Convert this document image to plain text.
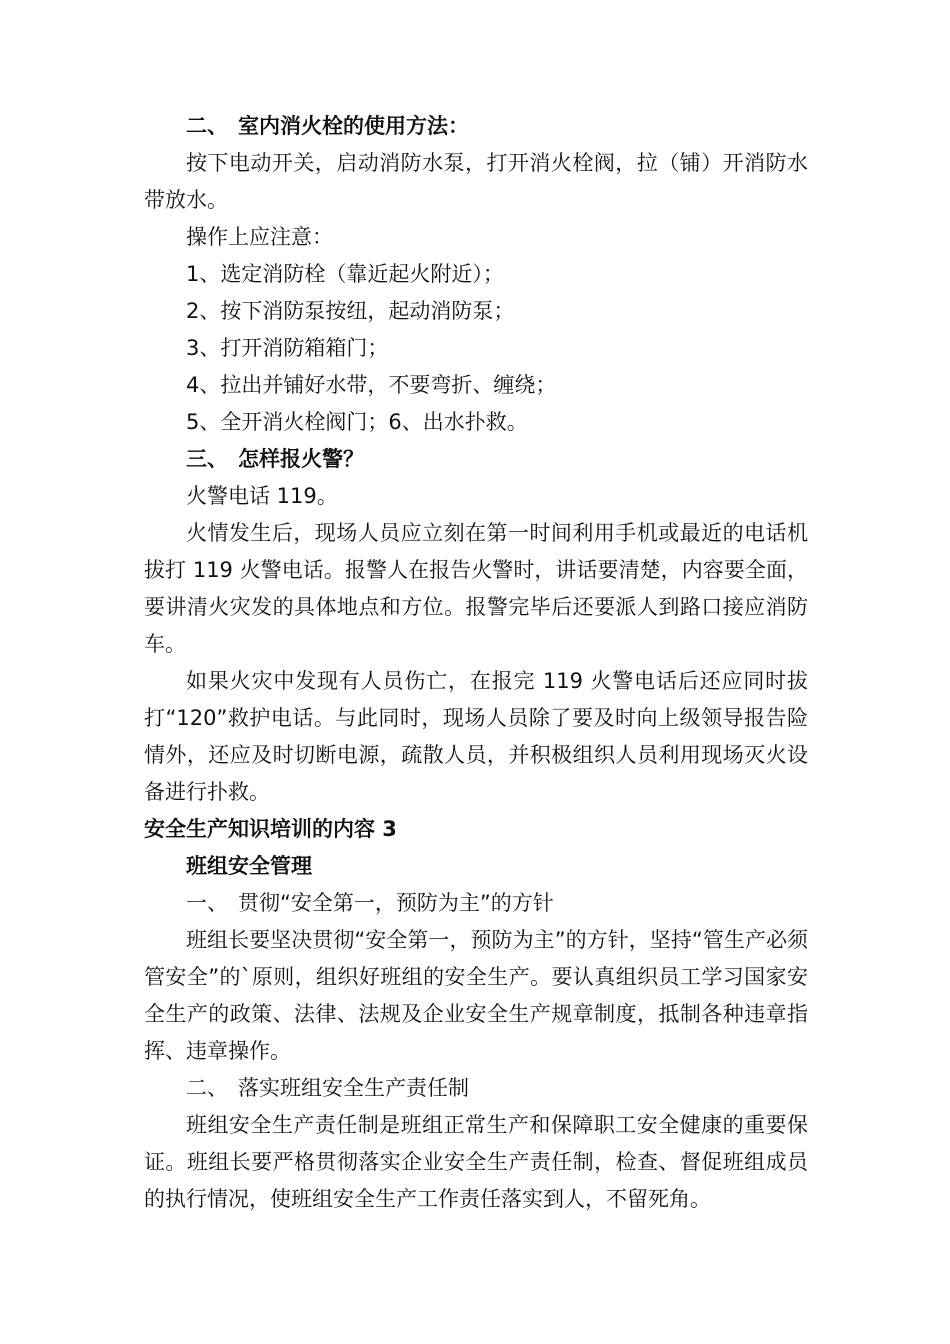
二、 室内消火栓的使用方法：
按下电动开关，启动消防水泵，打开消火栓阀，拉（铺）开消防水带放水。
操作上应注意：
1、选定消防栓（靠近起火附近）；
2、按下消防泵按纽，起动消防泵；
3、打开消防箱箱门；
4、拉出并铺好水带，不要弯折、缠绕；
5、全开消火栓阀门；6、出水扑救。
三、 怎样报火警？
火警电话 119。
火情发生后，现场人员应立刻在第一时间利用手机或最近的电话机拔打 119 火警电话。报警人在报告火警时，讲话要清楚，内容要全面，要讲清火灾发的具体地点和方位。报警完毕后还要派人到路口接应消防车。
如果火灾中发现有人员伤亡，在报完 119 火警电话后还应同时拔打“120”救护电话。与此同时，现场人员除了要及时向上级领导报告险情外，还应及时切断电源，疏散人员，并积极组织人员利用现场灭火设备进行扑救。
安全生产知识培训的内容 3
班组安全管理
一、 贯彻“安全第一，预防为主”的方针
班组长要坚决贯彻“安全第一，预防为主”的方针，坚持“管生产必须管安全”的`原则，组织好班组的安全生产。要认真组织员工学习国家安全生产的政策、法律、法规及企业安全生产规章制度，抵制各种违章指挥、违章操作。
二、 落实班组安全生产责任制
班组安全生产责任制是班组正常生产和保障职工安全健康的重要保证。班组长要严格贯彻落实企业安全生产责任制，检查、督促班组成员的执行情况，使班组安全生产工作责任落实到人，不留死角。
